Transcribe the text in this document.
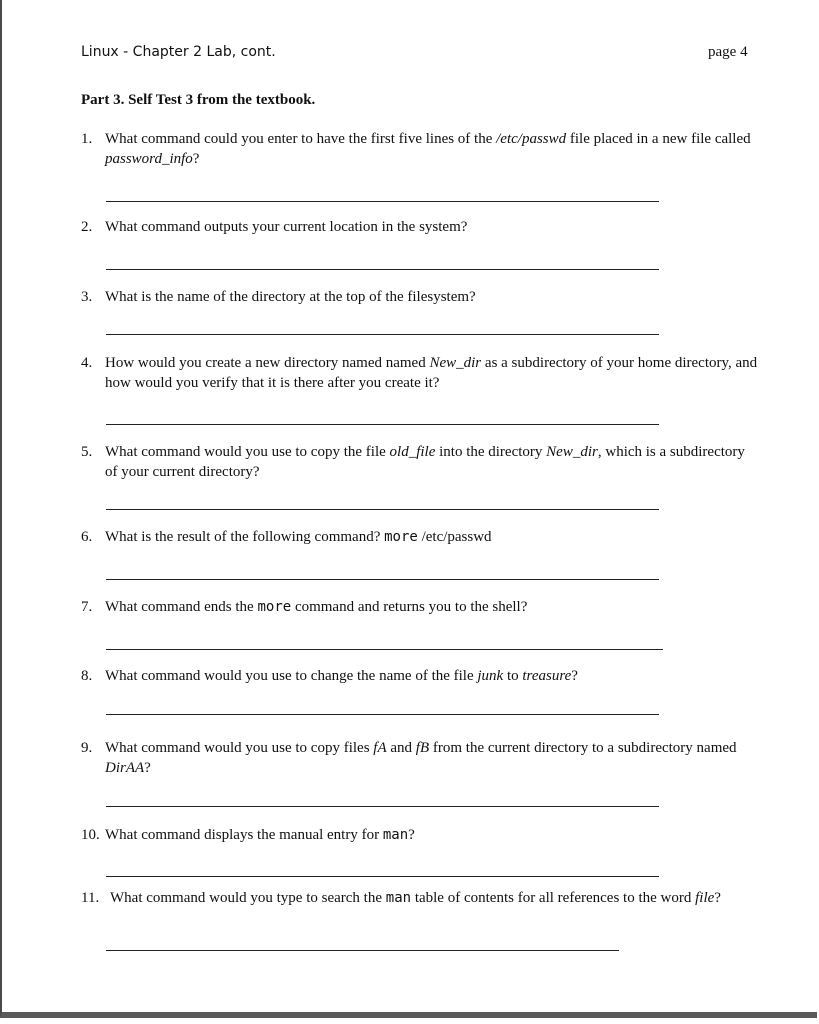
Linux - Chapter 2 Lab, cont.	page 4
Part 3. Self Test 3 from the textbook.
1. What command could you enter to have the first five lines of the /etc/passwd file placed in a new file called password_info?
2. What command outputs your current location in the system?
3. What is the name of the directory at the top of the filesystem?
4. How would you create a new directory named named New_dir as a subdirectory of your home directory, and how would you verify that it is there after you create it?
5. What command would you use to copy the file old_file into the directory New_dir, which is a subdirectory of your current directory?
6. What is the result of the following command? more /etc/passwd
7. What command ends the more command and returns you to the shell?
8. What command would you use to change the name of the file junk to treasure?
9. What command would you use to copy files fA and fB from the current directory to a subdirectory named DirAA?
10. What command displays the manual entry for man?
11. What command would you type to search the man table of contents for all references to the word file?
